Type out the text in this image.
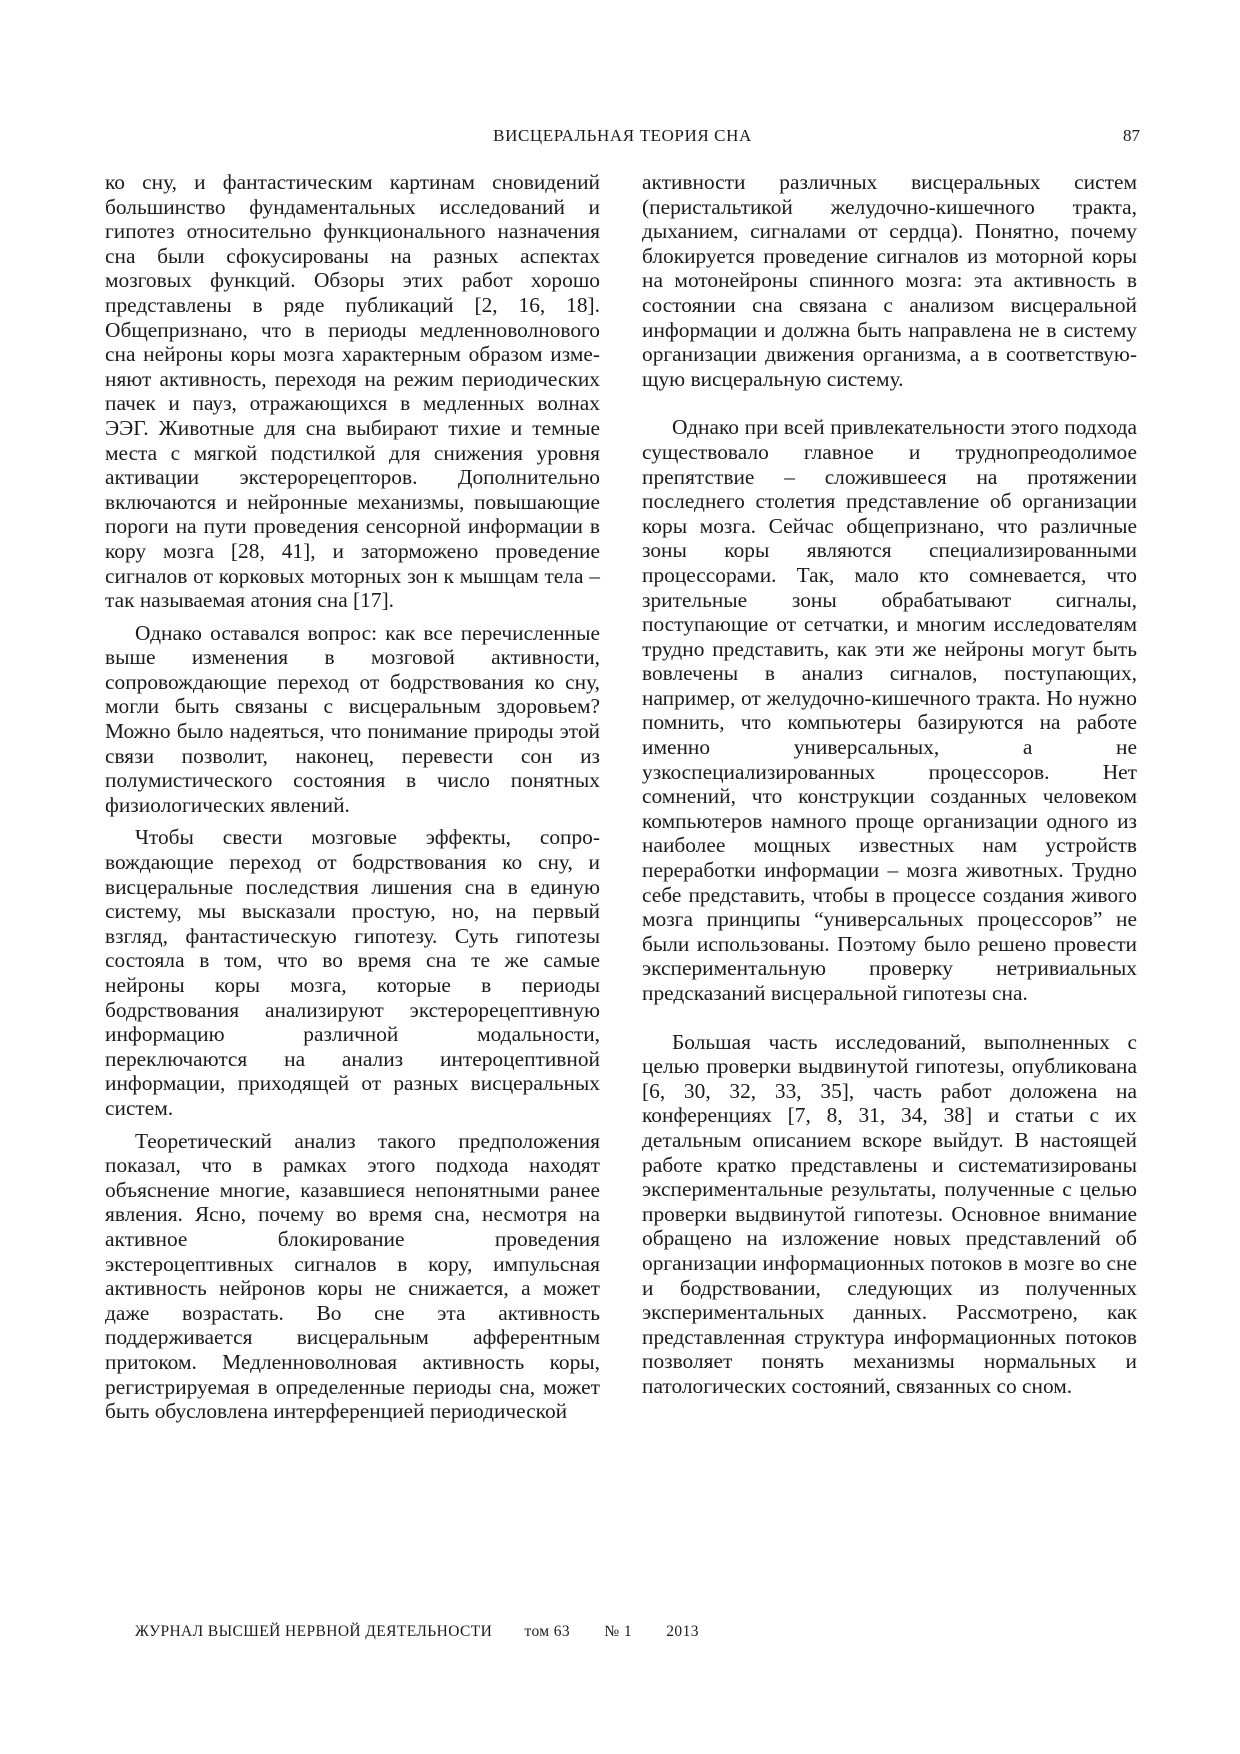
ВИСЦЕРАЛЬНАЯ ТЕОРИЯ СНА	87

ко сну, и фантастическим картинам сновидений большинство фундаментальных исследований и гипотез относительно функционального назначения сна были сфокусированы на разных аспектах мозговых функций. Обзоры этих работ хорошо представлены в ряде публикаций [2, 16, 18]. Общепризнано, что в периоды медленноволнового сна нейроны коры мозга характерным образом изменяют активность, переходя на режим периодических пачек и пауз, отражающихся в медленных волнах ЭЭГ. Животные для сна выбирают тихие и темные места с мягкой подстилкой для снижения уровня активации экстерорецепторов. Дополнительно включаются и нейронные механизмы, повышающие пороги на пути проведения сенсорной информации в кору мозга [28, 41], и заторможено проведение сигналов от корковых моторных зон к мышцам тела – так называемая атония сна [17].

Однако оставался вопрос: как все перечисленные выше изменения в мозговой активности, сопровождающие переход от бодрствования ко сну, могли быть связаны с висцеральным здоровьем? Можно было надеяться, что понимание природы этой связи позволит, наконец, перевести сон из полумистического состояния в число понятных физиологических явлений.

Чтобы свести мозговые эффекты, сопровождающие переход от бодрствования ко сну, и висцеральные последствия лишения сна в единую систему, мы высказали простую, но, на первый взгляд, фантастическую гипотезу. Суть гипотезы состояла в том, что во время сна те же самые нейроны коры мозга, которые в периоды бодрствования анализируют экстерорецептивную информацию различной модальности, переключаются на анализ интероцептивной информации, приходящей от разных висцеральных систем.

Теоретический анализ такого предположения показал, что в рамках этого подхода находят объяснение многие, казавшиеся непонятными ранее явления. Ясно, почему во время сна, несмотря на активное блокирование проведения экстероцептивных сигналов в кору, импульсная активность нейронов коры не снижается, а может даже возрастать. Во сне эта активность поддерживается висцеральным афферентным притоком. Медленноволновая активность коры, регистрируемая в определенные периоды сна, может быть обусловлена интерференцией периодической

активности различных висцеральных систем (перистальтикой желудочно-кишечного тракта, дыханием, сигналами от сердца). Понятно, почему блокируется проведение сигналов из моторной коры на мотонейроны спинного мозга: эта активность в состоянии сна связана с анализом висцеральной информации и должна быть направлена не в систему организации движения организма, а в соответствующую висцеральную систему.

Однако при всей привлекательности этого подхода существовало главное и труднопреодолимое препятствие – сложившееся на протяжении последнего столетия представление об организации коры мозга. Сейчас общепризнано, что различные зоны коры являются специализированными процессорами. Так, мало кто сомневается, что зрительные зоны обрабатывают сигналы, поступающие от сетчатки, и многим исследователям трудно представить, как эти же нейроны могут быть вовлечены в анализ сигналов, поступающих, например, от желудочно-кишечного тракта. Но нужно помнить, что компьютеры базируются на работе именно универсальных, а не узкоспециализированных процессоров. Нет сомнений, что конструкции созданных человеком компьютеров намного проще организации одного из наиболее мощных известных нам устройств переработки информации – мозга животных. Трудно себе представить, чтобы в процессе создания живого мозга принципы “универсальных процессоров” не были использованы. Поэтому было решено провести экспериментальную проверку нетривиальных предсказаний висцеральной гипотезы сна.

Большая часть исследований, выполненных с целью проверки выдвинутой гипотезы, опубликована [6, 30, 32, 33, 35], часть работ доложена на конференциях [7, 8, 31, 34, 38] и статьи с их детальным описанием вскоре выйдут. В настоящей работе кратко представлены и систематизированы экспериментальные результаты, полученные с целью проверки выдвинутой гипотезы. Основное внимание обращено на изложение новых представлений об организации информационных потоков в мозге во сне и бодрствовании, следующих из полученных экспериментальных данных. Рассмотрено, как представленная структура информационных потоков позволяет понять механизмы нормальных и патологических состояний, связанных со сном.

ЖУРНАЛ ВЫСШЕЙ НЕРВНОЙ ДЕЯТЕЛЬНОСТИ том 63 № 1 2013
